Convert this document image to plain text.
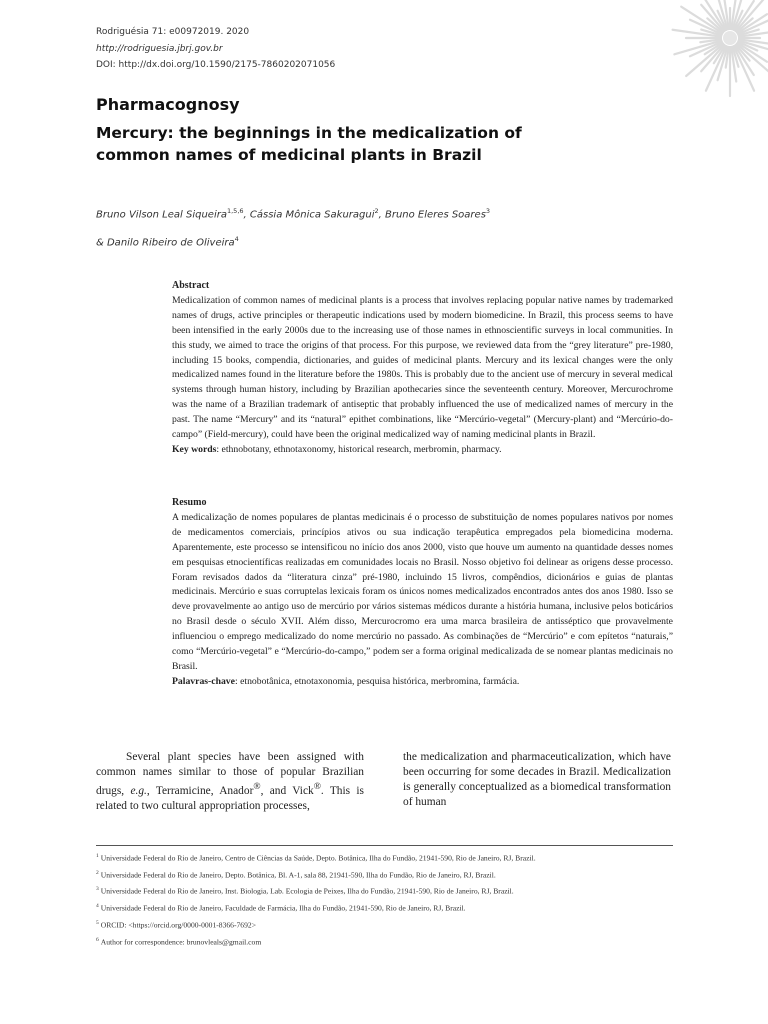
Rodriguésia 71: e00972019. 2020
http://rodriguesia.jbrj.gov.br
DOI: http://dx.doi.org/10.1590/2175-7860202071056
Pharmacognosy
Mercury: the beginnings in the medicalization of common names of medicinal plants in Brazil
Bruno Vilson Leal Siqueira$^{1,5,6}$, Cássia Mônica Sakuragui$^2$, Bruno Eleres Soares$^3$
& Danilo Ribeiro de Oliveira$^4$
Abstract

Medicalization of common names of medicinal plants is a process that involves replacing popular native names by trademarked names of drugs, active principles or therapeutic indications used by modern biomedicine. In Brazil, this process seems to have been intensified in the early 2000s due to the increasing use of those names in ethnoscientific surveys in local communities. In this study, we aimed to trace the origins of that process. For this purpose, we reviewed data from the “grey literature” pre-1980, including 15 books, compendia, dictionaries, and guides of medicinal plants. Mercury and its lexical changes were the only medicalized names found in the literature before the 1980s. This is probably due to the ancient use of mercury in several medical systems through human history, including by Brazilian apothecaries since the seventeenth century. Moreover, Mercurochrome was the name of a Brazilian trademark of antiseptic that probably influenced the use of medicalized names of mercury in the past. The name “Mercury” and its “natural” epithet combinations, like “Mercúrio-vegetal” (Mercury-plant) and “Mercúrio-do-campo” (Field-mercury), could have been the original medicalized way of naming medicinal plants in Brazil.

Key words: ethnobotany, ethnotaxonomy, historical research, merbromin, pharmacy.

Resumo

A medicalização de nomes populares de plantas medicinais é o processo de substituição de nomes populares nativos por nomes de medicamentos comerciais, princípios ativos ou sua indicação terapêutica empregados pela biomedicina moderna. Aparentemente, este processo se intensificou no início dos anos 2000, visto que houve um aumento na quantidade desses nomes em pesquisas etnocientíficas realizadas em comunidades locais no Brasil. Nosso objetivo foi delinear as origens desse processo. Foram revisados dados da “literatura cinza” pré-1980, incluindo 15 livros, compêndios, dicionários e guias de plantas medicinais. Mercúrio e suas corruptelas lexicais foram os únicos nomes medicalizados encontrados antes dos anos 1980. Isso se deve provavelmente ao antigo uso de mercúrio por vários sistemas médicos durante a história humana, inclusive pelos boticários no Brasil desde o século XVII. Além disso, Mercurocromo era uma marca brasileira de antisséptico que provavelmente influenciou o emprego medicalizado do nome mercúrio no passado. As combinações de “Mercúrio” e com epítetos “naturais,” como “Mercúrio-vegetal” e “Mercúrio-do-campo,” podem ser a forma original medicalizada de se nomear plantas medicinais no Brasil.

Palavras-chave: etnobotânica, etnotaxonomia, pesquisa histórica, merbromina, farmácia.

Several plant species have been assigned with common names similar to those of popular Brazilian drugs, e.g., Terramicine, Anador®, and Vick®. This is related to two cultural appropriation processes,
the medicalization and pharmaceuticalization, which have been occurring for some decades in Brazil. Medicalization is generally conceptualized as a biomedical transformation of human
$^1$ Universidade Federal do Rio de Janeiro, Centro de Ciências da Saúde, Depto. Botânica, Ilha do Fundão, 21941-590, Rio de Janeiro, RJ, Brazil.
$^2$ Universidade Federal do Rio de Janeiro, Depto. Botânica, Bl. A-1, sala 88, 21941-590, Ilha do Fundão, Rio de Janeiro, RJ, Brazil.
$^3$ Universidade Federal do Rio de Janeiro, Inst. Biologia, Lab. Ecologia de Peixes, Ilha do Fundão, 21941-590, Rio de Janeiro, RJ, Brazil.
$^4$ Universidade Federal do Rio de Janeiro, Faculdade de Farmácia, Ilha do Fundão, 21941-590, Rio de Janeiro, RJ, Brazil.
$^5$ ORCID: <https://orcid.org/0000-0001-8366-7692>
$^6$ Author for correspondence: brunovleals@gmail.com
